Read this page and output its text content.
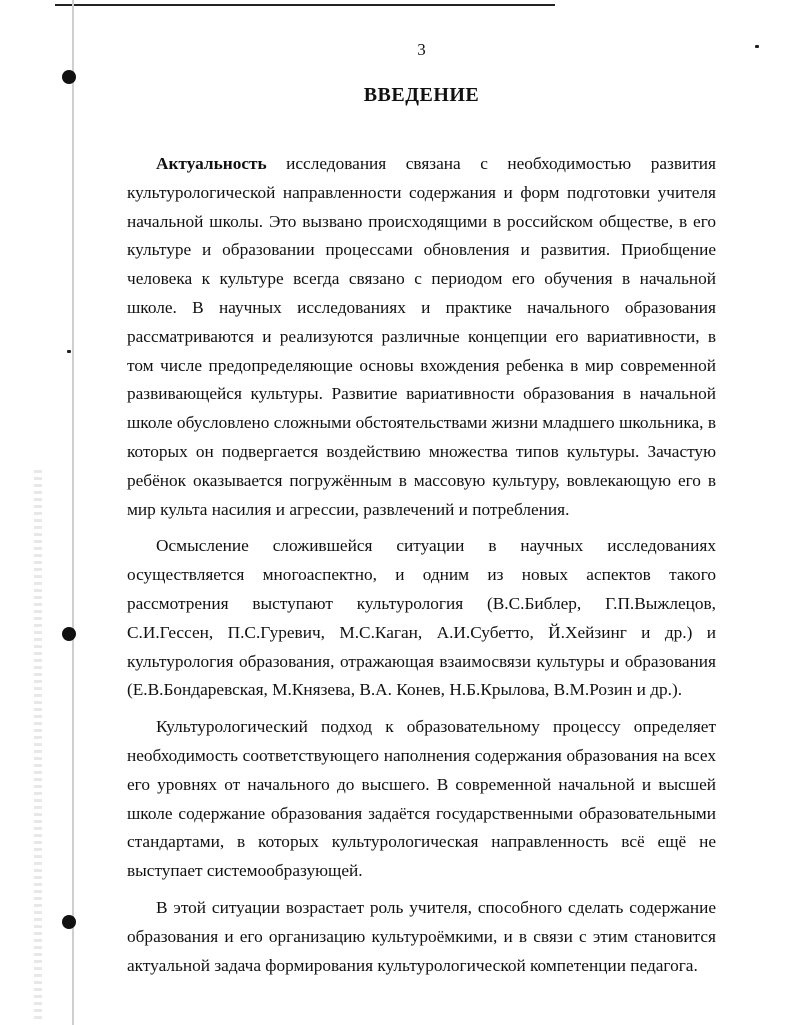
3
ВВЕДЕНИЕ

Актуальность исследования связана с необходимостью развития культурологической направленности содержания и форм подготовки учителя начальной школы. Это вызвано происходящими в российском обществе, в его культуре и образовании процессами обновления и развития. Приобщение человека к культуре всегда связано с периодом его обучения в начальной школе. В научных исследованиях и практике начального образования рассматриваются и реализуются различные концепции его вариативности, в том числе предопределяющие основы вхождения ребенка в мир современной развивающейся культуры. Развитие вариативности образования в начальной школе обусловлено сложными обстоятельствами жизни младшего школьника, в которых он подвергается воздействию множества типов культуры. Зачастую ребёнок оказывается погружённым в массовую культуру, вовлекающую его в мир культа насилия и агрессии, развлечений и потребления.

Осмысление сложившейся ситуации в научных исследованиях осуществляется многоаспектно, и одним из новых аспектов такого рассмотрения выступают культурология (В.С.Библер, Г.П.Выжлецов, С.И.Гессен, П.С.Гуревич, М.С.Каган, А.И.Субетто, Й.Хейзинг и др.) и культурология образования, отражающая взаимосвязи культуры и образования (Е.В.Бондаревская, М.Князева, В.А. Конев, Н.Б.Крылова, В.М.Розин и др.).

Культурологический подход к образовательному процессу определяет необходимость соответствующего наполнения содержания образования на всех его уровнях от начального до высшего. В современной начальной и высшей школе содержание образования задаётся государственными образовательными стандартами, в которых культурологическая направленность всё ещё не выступает системообразующей.

В этой ситуации возрастает роль учителя, способного сделать содержание образования и его организацию культуроёмкими, и в связи с этим становится актуальной задача формирования культурологической компетенции педагога.
